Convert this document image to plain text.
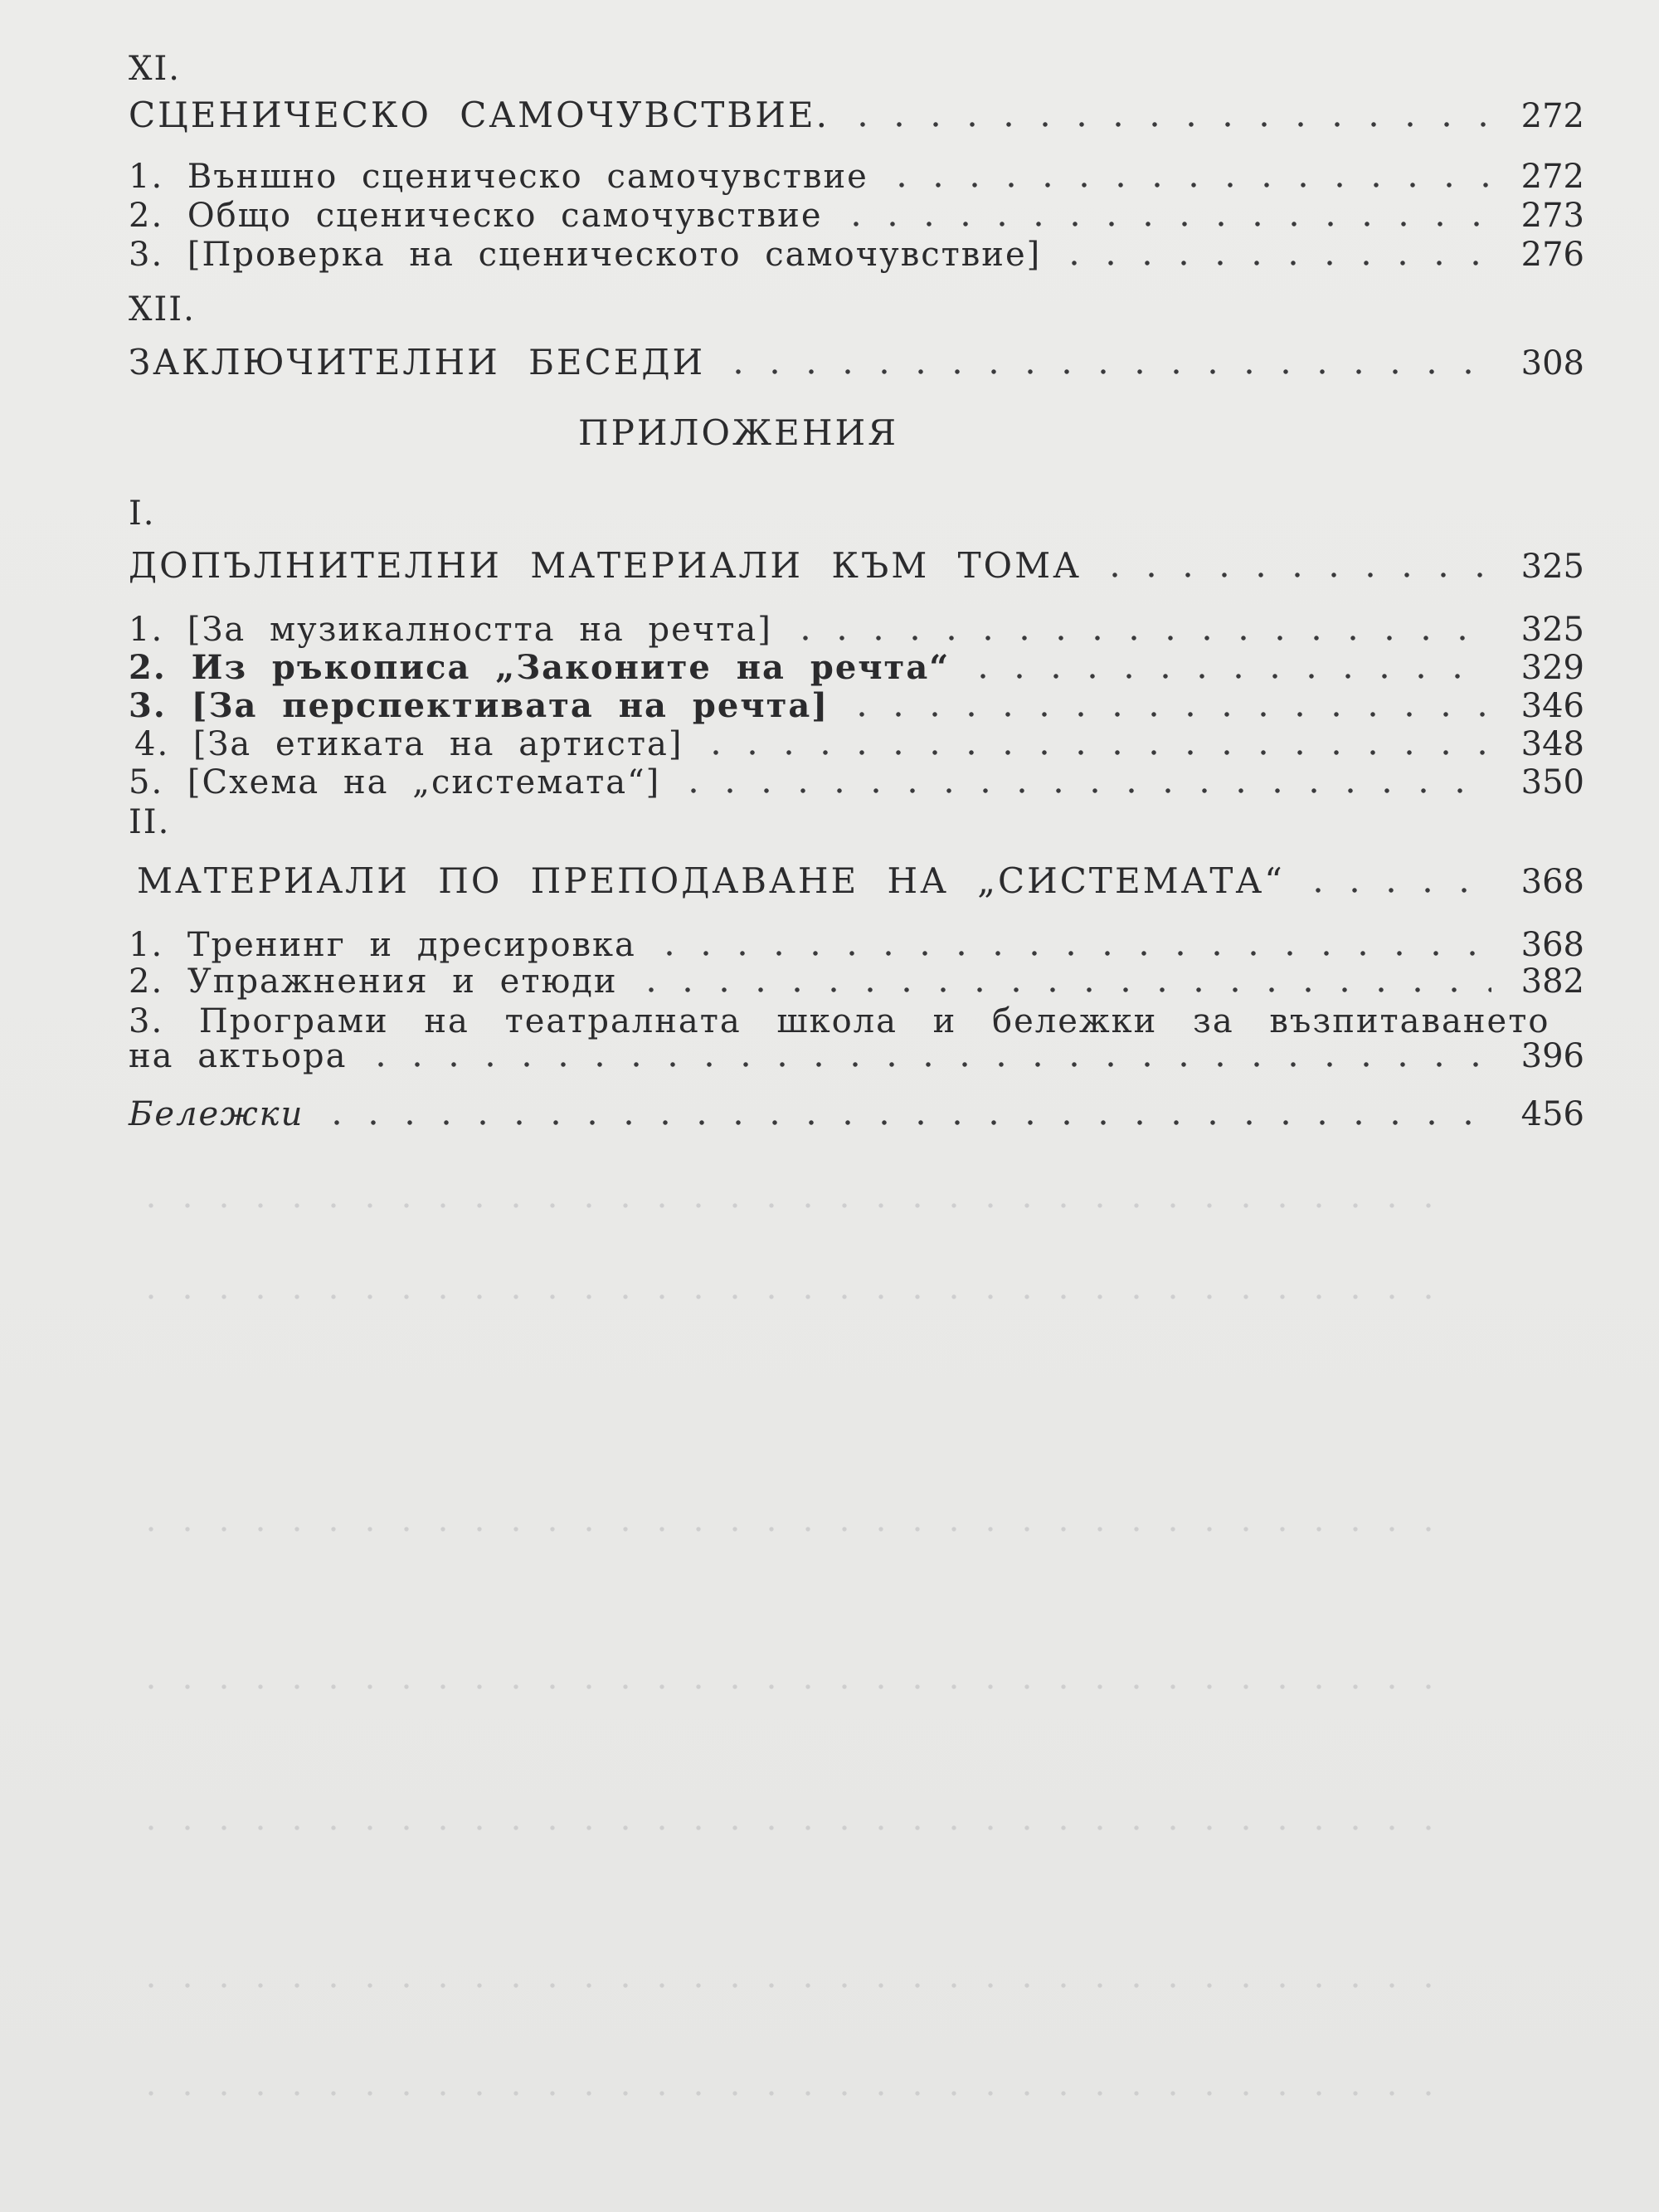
XI.
СЦЕНИЧЕСКО САМОЧУВСТВИЕ.	272
1. Външно сценическо самочувствие	272
2. Общо сценическо самочувствие	273
3. [Проверка на сценическото самочувствие]	276
XII.
ЗАКЛЮЧИТЕЛНИ БЕСЕДИ	308
ПРИЛОЖЕНИЯ
I.
ДОПЪЛНИТЕЛНИ МАТЕРИАЛИ КЪМ ТОМА	325
1. [За музикалността на речта]	325
2. Из ръкописа „Законите на речта“	329
3. [За перспективата на речта]	346
4. [За етиката на артиста]	348
5. [Схема на „системата“]	350
II.
МАТЕРИАЛИ ПО ПРЕПОДАВАНЕ НА „СИСТЕМАТА“	368
1. Тренинг и дресировка	368
2. Упражнения и етюди	382
3. Програми на театралната школа и бележки за възпитаването
на актьора	396
Бележки	456
